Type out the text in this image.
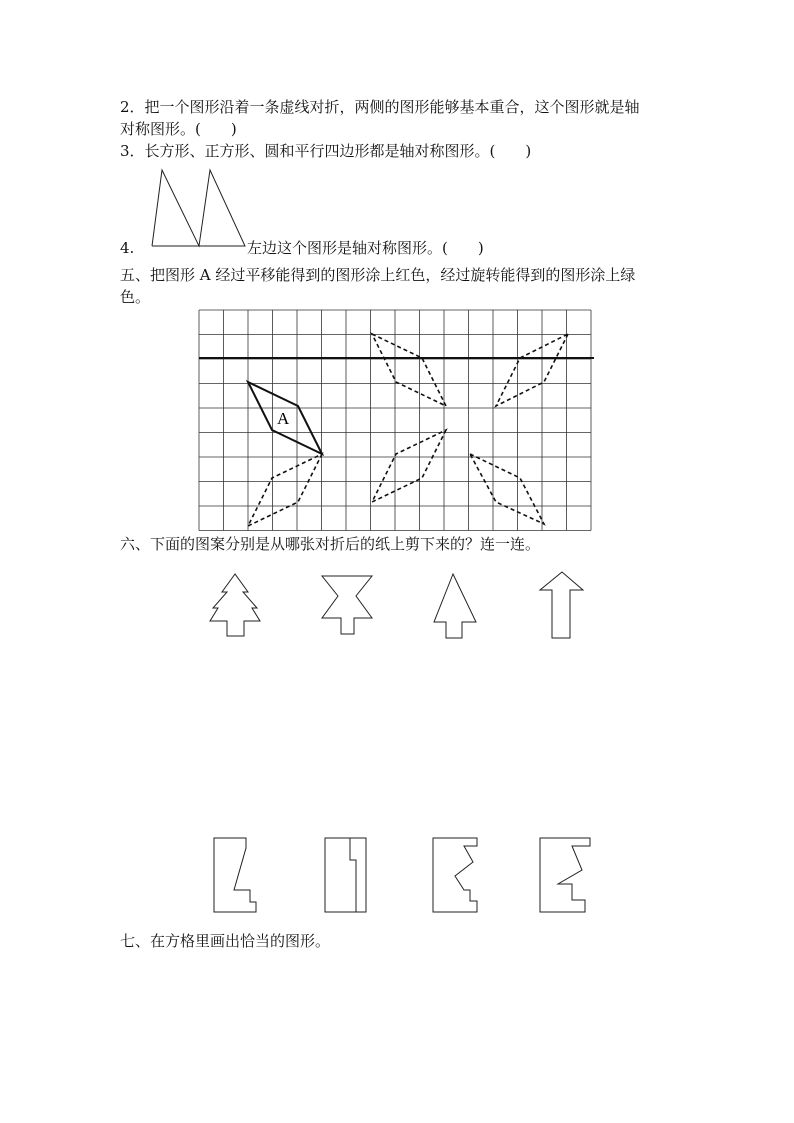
2．把一个图形沿着一条虚线对折，两侧的图形能够基本重合，这个图形就是轴
对称图形。(　　)
3．长方形、正方形、圆和平行四边形都是轴对称图形。(　　)
4.	左边这个图形是轴对称图形。(　　)
五、把图形 A 经过平移能得到的图形涂上红色，经过旋转能得到的图形涂上绿
色。
A
六、下面的图案分别是从哪张对折后的纸上剪下来的？连一连。
七、在方格里画出恰当的图形。
